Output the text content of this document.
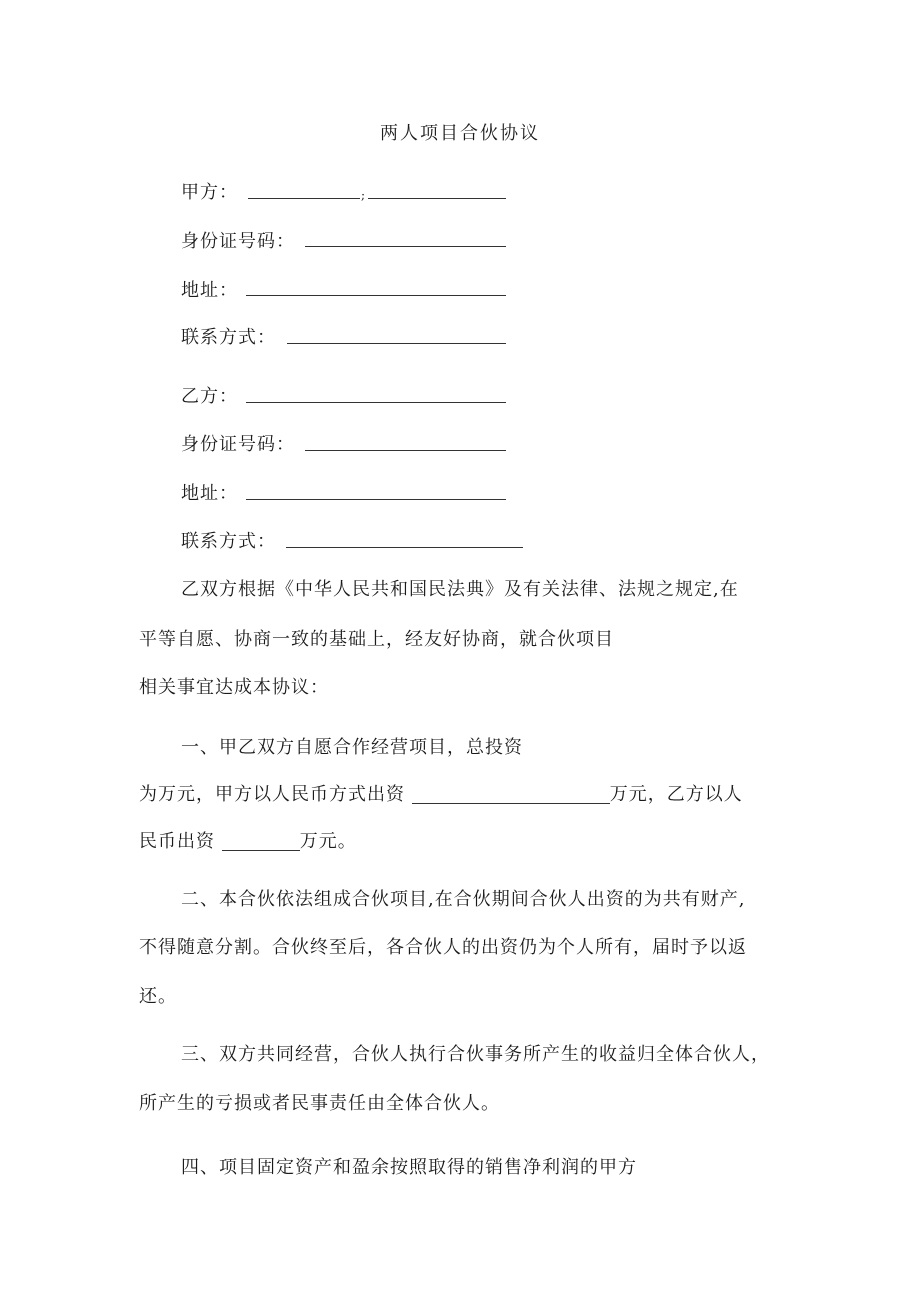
两人项目合伙协议
甲方：	;
身份证号码：
地址：
联系方式：
乙方：
身份证号码：
地址：
联系方式：
乙双方根据《中华人民共和国民法典》及有关法律、法规之规定,在
平等自愿、协商一致的基础上，经友好协商，就合伙项目
相关事宜达成本协议：
一、甲乙双方自愿合作经营项目，总投资
为万元，甲方以人民币方式出资	万元，乙方以人
民币出资	万元。
二、本合伙依法组成合伙项目,在合伙期间合伙人出资的为共有财产,
不得随意分割。合伙终至后，各合伙人的出资仍为个人所有，届时予以返
还。
三、双方共同经营，合伙人执行合伙事务所产生的收益归全体合伙人，
所产生的亏损或者民事责任由全体合伙人。
四、项目固定资产和盈余按照取得的销售净利润的甲方
